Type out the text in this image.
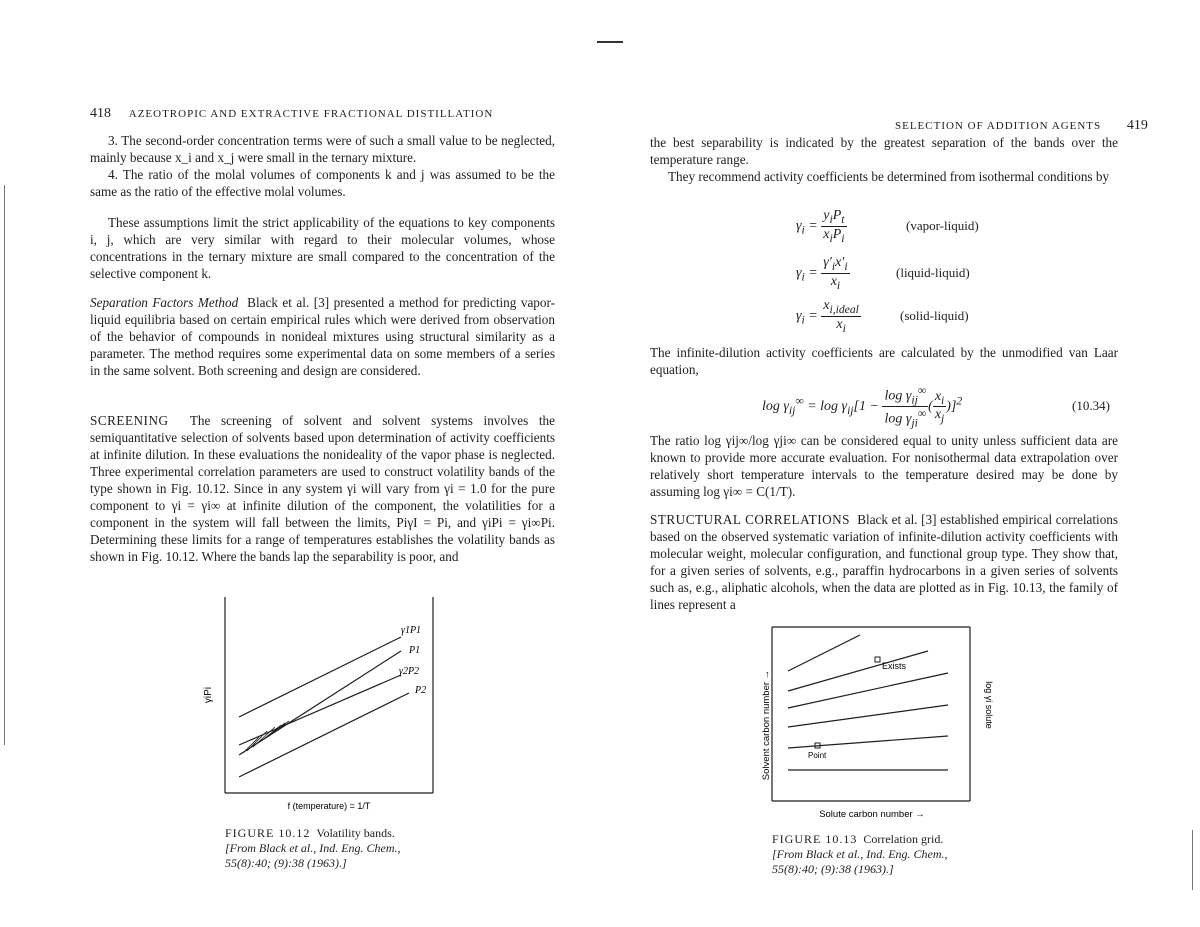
418 AZEOTROPIC AND EXTRACTIVE FRACTIONAL DISTILLATION

3. The second-order concentration terms were of such a small value to be neglected, mainly because x_i and x_j were small in the ternary mixture.

4. The ratio of the molal volumes of components k and j was assumed to be the same as the ratio of the effective molal volumes.

These assumptions limit the strict applicability of the equations to key components i, j, which are very similar with regard to their molecular volumes, whose concentrations in the ternary mixture are small compared to the concentration of the selective component k.

Separation Factors Method Black et al. [3] presented a method for predicting vapor-liquid equilibria based on certain empirical rules which were derived from observation of the behavior of compounds in nonideal mixtures using structural similarity as a parameter. The method requires some experimental data on some members of a series in the same solvent. Both screening and design are considered.

SCREENING The screening of solvent and solvent systems involves the semiquantitative selection of solvents based upon determination of activity coefficients at infinite dilution. In these evaluations the nonideality of the vapor phase is neglected. Three experimental correlation parameters are used to construct volatility bands of the type shown in Fig. 10.12. Since in any system γi will vary from γi = 1.0 for the pure component to γi = γi∞ at infinite dilution of the component, the volatilities for a component in the system will fall between the limits, PiγI = Pi, and γiPi = γi∞Pi. Determining these limits for a range of temperatures establishes the volatility bands as shown in Fig. 10.12. Where the bands lap the separability is poor, and

γiPi
γ1P1
P1
γ2P2
P2
f (temperature) = 1/T
FIGURE 10.12 Volatility bands.
[From Black et al., Ind. Eng. Chem., 55(8):40; (9):38 (1963).]
SELECTION OF ADDITION AGENTS 419

the best separability is indicated by the greatest separation of the bands over the temperature range.

They recommend activity coefficients be determined from isothermal conditions by

$\gamma_i = \frac{y_iP_t}{x_iP_i}$	(vapor-liquid)
$\gamma_i = \frac{\gamma'_ix'_i}{x_i}$	(liquid-liquid)
$\gamma_i = \frac{x_{i,ideal}}{x_i}$	(solid-liquid)

The infinite-dilution activity coefficients are calculated by the unmodified van Laar equation,

$\log \gamma_{ij}^\infty = \log \gamma_{ij}[1 - \frac{\log \gamma_{ij}^\infty}{\log \gamma_{ji}^\infty}$ ( $\frac{x_i}{x_j} )]^2$	(10.34)

The ratio log γij∞/log γji∞ can be considered equal to unity unless sufficient data are known to provide more accurate evaluation. For nonisothermal data extrapolation over relatively short temperature intervals to the temperature desired may be done by assuming log γi∞ = C(1/T).

STRUCTURAL CORRELATIONS Black et al. [3] established empirical correlations based on the observed systematic variation of infinite-dilution activity coefficients with molecular weight, molecular configuration, and functional group type. They show that, for a given series of solvents, e.g., paraffin hydrocarbons in a given series of solvents such as, e.g., aliphatic alcohols, when the data are plotted as in Fig. 10.13, the family of lines represent a

Solvent carbon number →	log γi solute
Exists
Point
Solute carbon number →
FIGURE 10.13 Correlation grid.
[From Black et al., Ind. Eng. Chem., 55(8):40; (9):38 (1963).]
